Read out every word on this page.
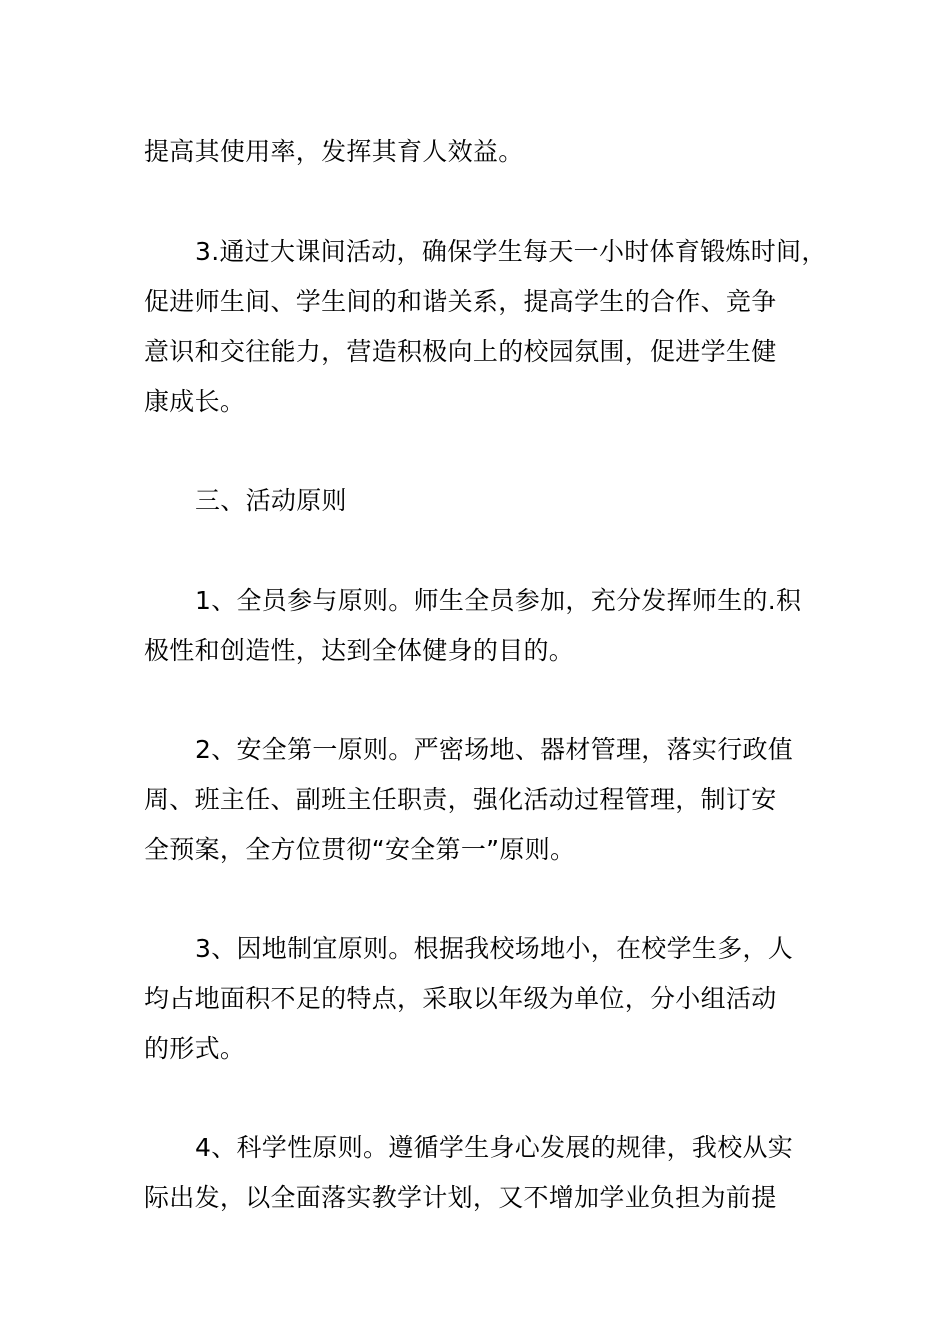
提高其使用率，发挥其育人效益。
3.通过大课间活动，确保学生每天一小时体育锻炼时间，
促进师生间、学生间的和谐关系，提高学生的合作、竞争
意识和交往能力，营造积极向上的校园氛围，促进学生健
康成长。
三、活动原则
1、全员参与原则。师生全员参加，充分发挥师生的.积
极性和创造性，达到全体健身的目的。
2、安全第一原则。严密场地、器材管理，落实行政值
周、班主任、副班主任职责，强化活动过程管理，制订安
全预案，全方位贯彻“安全第一”原则。
3、因地制宜原则。根据我校场地小，在校学生多，人
均占地面积不足的特点，采取以年级为单位，分小组活动
的形式。
4、科学性原则。遵循学生身心发展的规律，我校从实
际出发，以全面落实教学计划，又不增加学业负担为前提
